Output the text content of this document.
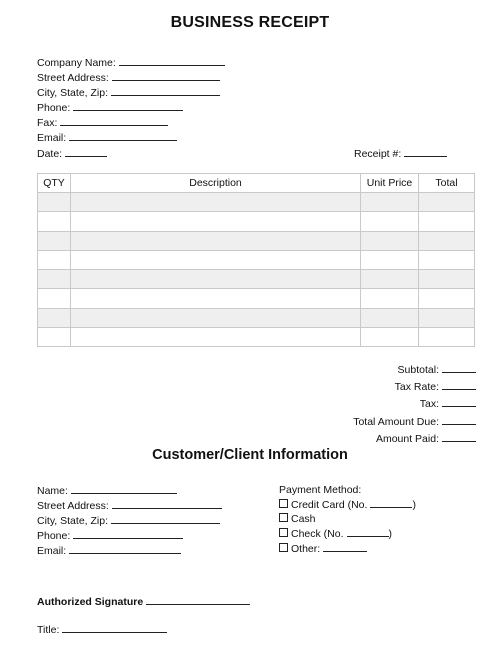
BUSINESS RECEIPT
Company Name:
Street Address:
City, State, Zip:
Phone:
Fax:
Email:
Date:	Receipt #:
QTY	Description	Unit Price	Total

Subtotal:
Tax Rate:
Tax:
Total Amount Due:
Amount Paid:
Customer/Client Information
Name:
Street Address:
City, State, Zip:
Phone:
Email:
Payment Method:
Credit Card (No.	)
Cash
Check (No.	)
Other:
Authorized Signature
Title:
